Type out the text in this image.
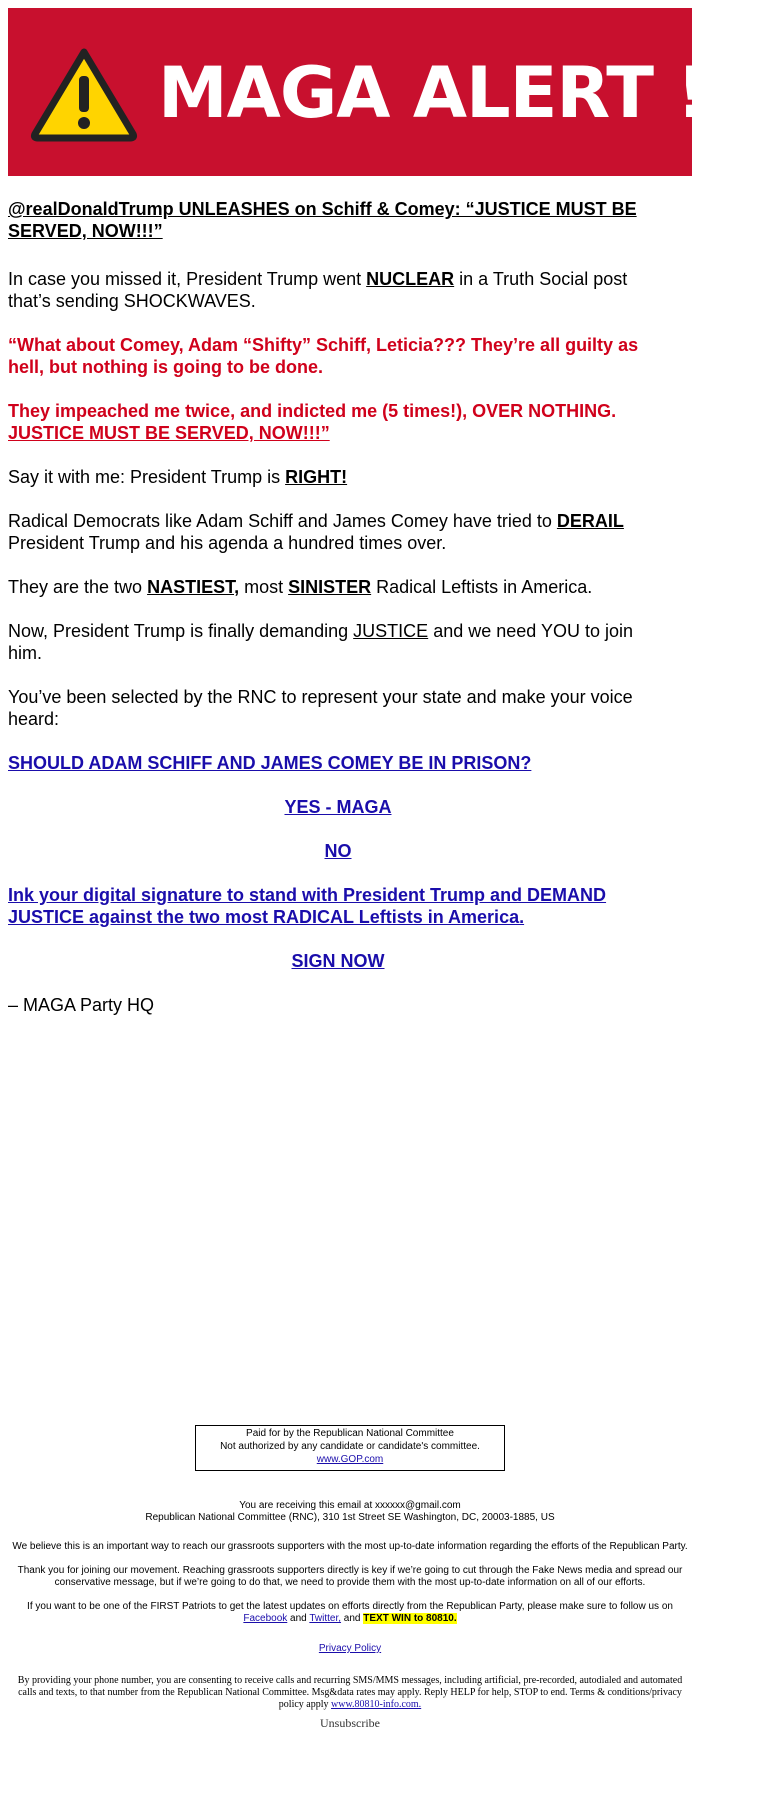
MAGA ALERT !!!
@realDonaldTrump UNLEASHES on Schiff & Comey: “JUSTICE MUST BE SERVED, NOW!!!”
In case you missed it, President Trump went NUCLEAR in a Truth Social post that’s sending SHOCKWAVES.
“What about Comey, Adam “Shifty” Schiff, Leticia??? They’re all guilty as hell, but nothing is going to be done.
They impeached me twice, and indicted me (5 times!), OVER NOTHING. JUSTICE MUST BE SERVED, NOW!!!”
Say it with me: President Trump is RIGHT!
Radical Democrats like Adam Schiff and James Comey have tried to DERAIL President Trump and his agenda a hundred times over.
They are the two NASTIEST, most SINISTER Radical Leftists in America.
Now, President Trump is finally demanding JUSTICE and we need YOU to join him.
You’ve been selected by the RNC to represent your state and make your voice heard:
SHOULD ADAM SCHIFF AND JAMES COMEY BE IN PRISON?
YES - MAGA
NO
Ink your digital signature to stand with President Trump and DEMAND JUSTICE against the two most RADICAL Leftists in America.
SIGN NOW
– MAGA Party HQ
Paid for by the Republican National Committee
Not authorized by any candidate or candidate's committee.
www.GOP.com
You are receiving this email at xxxxxx@gmail.com
Republican National Committee (RNC), 310 1st Street SE Washington, DC, 20003-1885, US
We believe this is an important way to reach our grassroots supporters with the most up-to-date information regarding the efforts of the Republican Party.
Thank you for joining our movement. Reaching grassroots supporters directly is key if we’re going to cut through the Fake News media and spread our conservative message, but if we’re going to do that, we need to provide them with the most up-to-date information on all of our efforts.
If you want to be one of the FIRST Patriots to get the latest updates on efforts directly from the Republican Party, please make sure to follow us on Facebook and Twitter, and TEXT WIN to 80810.
Privacy Policy
By providing your phone number, you are consenting to receive calls and recurring SMS/MMS messages, including artificial, pre-recorded, autodialed and automated calls and texts, to that number from the Republican National Committee. Msg&data rates may apply. Reply HELP for help, STOP to end. Terms & conditions/privacy policy apply www.80810-info.com.
Unsubscribe
